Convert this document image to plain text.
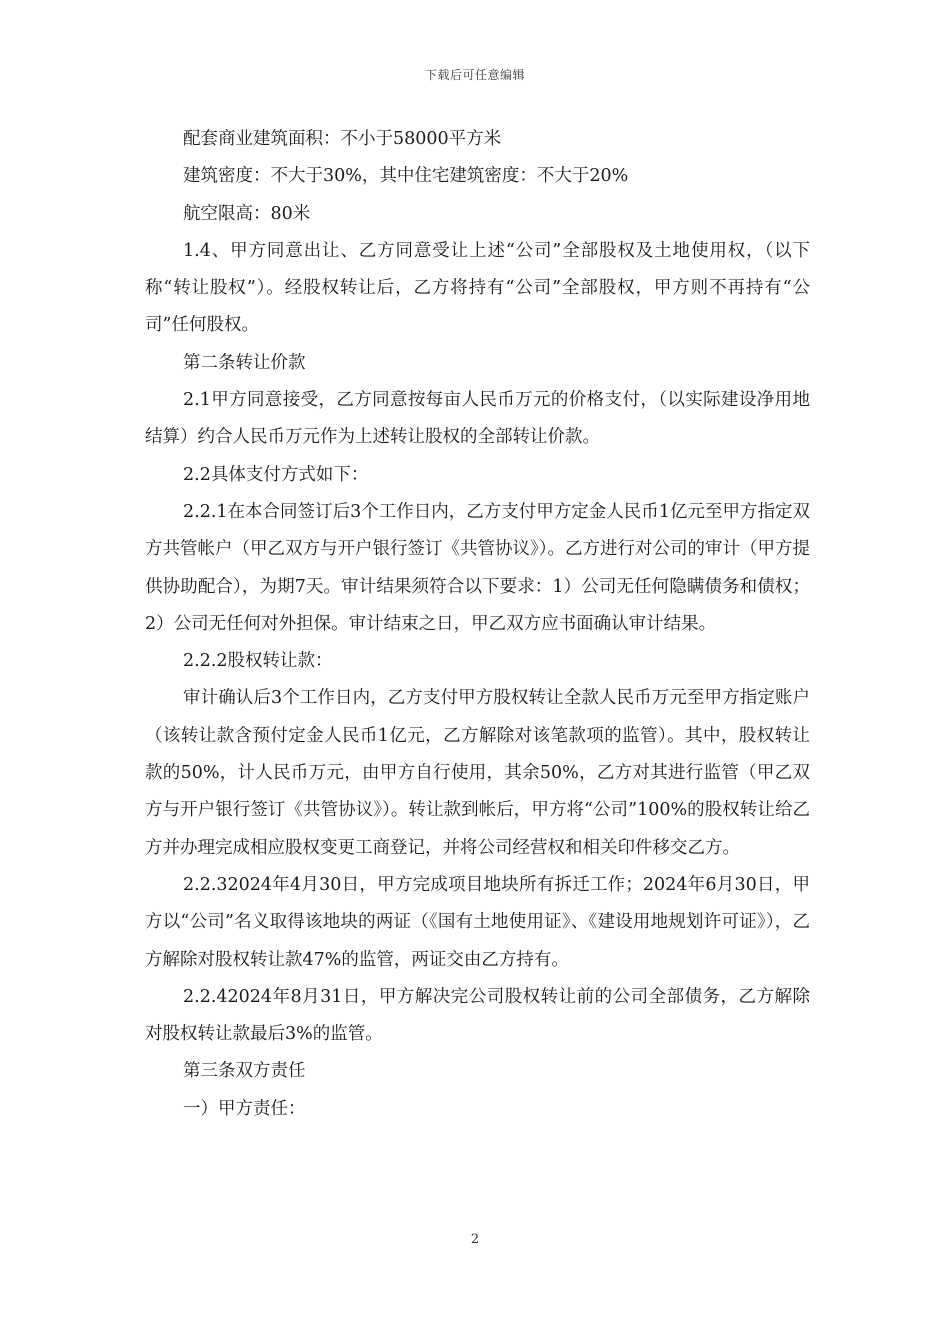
下载后可任意编辑

配套商业建筑面积：不小于58000平方米

建筑密度：不大于30%，其中住宅建筑密度：不大于20%

航空限高：80米

1.4、甲方同意出让、乙方同意受让上述“公司”全部股权及土地使用权，（以下称“转让股权”）。经股权转让后，乙方将持有“公司”全部股权，甲方则不再持有“公司”任何股权。

第二条转让价款

2.1甲方同意接受，乙方同意按每亩人民币万元的价格支付，（以实际建设净用地结算）约合人民币万元作为上述转让股权的全部转让价款。

2.2具体支付方式如下：

2.2.1在本合同签订后3个工作日内，乙方支付甲方定金人民币1亿元至甲方指定双方共管帐户（甲乙双方与开户银行签订《共管协议》）。乙方进行对公司的审计（甲方提供协助配合），为期7天。审计结果须符合以下要求：1）公司无任何隐瞒债务和债权；2）公司无任何对外担保。审计结束之日，甲乙双方应书面确认审计结果。

2.2.2股权转让款：

审计确认后3个工作日内，乙方支付甲方股权转让全款人民币万元至甲方指定账户（该转让款含预付定金人民币1亿元，乙方解除对该笔款项的监管）。其中，股权转让款的50%，计人民币万元，由甲方自行使用，其余50%，乙方对其进行监管（甲乙双方与开户银行签订《共管协议》）。转让款到帐后，甲方将“公司”100%的股权转让给乙方并办理完成相应股权变更工商登记，并将公司经营权和相关印件移交乙方。

2.2.32024年4月30日，甲方完成项目地块所有拆迁工作；2024年6月30日，甲方以“公司”名义取得该地块的两证（《国有土地使用证》、《建设用地规划许可证》），乙方解除对股权转让款47%的监管，两证交由乙方持有。

2.2.42024年8月31日，甲方解决完公司股权转让前的公司全部债务，乙方解除对股权转让款最后3%的监管。

第三条双方责任

一）甲方责任：

2
